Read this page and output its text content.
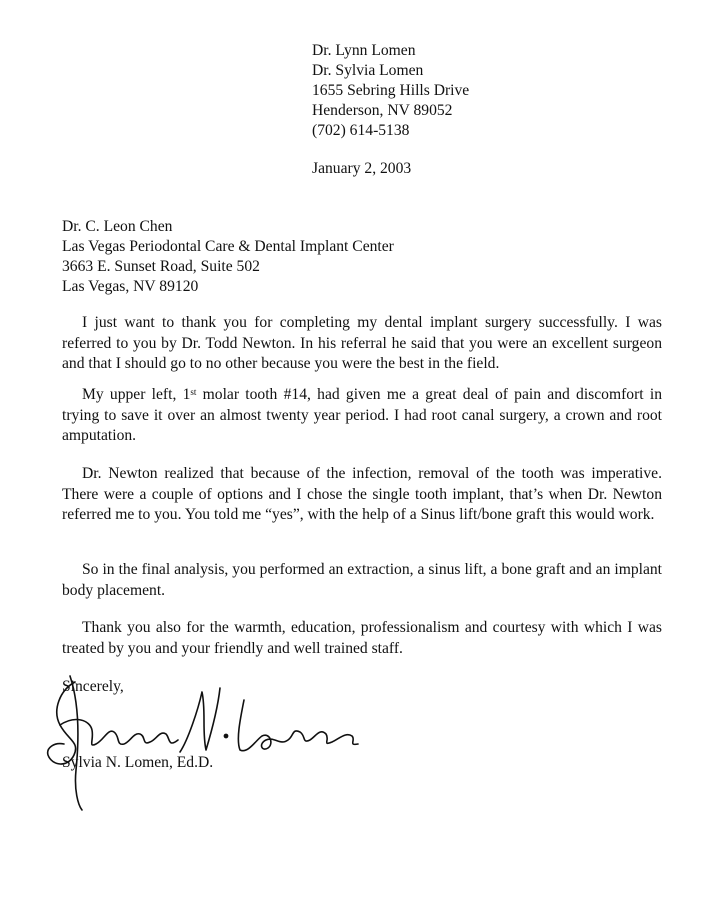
Dr. Lynn Lomen
Dr. Sylvia Lomen
1655 Sebring Hills Drive
Henderson, NV 89052
(702) 614-5138
January 2, 2003
Dr. C. Leon Chen
Las Vegas Periodontal Care & Dental Implant Center
3663 E. Sunset Road, Suite 502
Las Vegas, NV 89120

I just want to thank you for completing my dental implant surgery successfully. I was referred to you by Dr. Todd Newton. In his referral he said that you were an excellent surgeon and that I should go to no other because you were the best in the field.

My upper left, 1st molar tooth #14, had given me a great deal of pain and discomfort in trying to save it over an almost twenty year period. I had root canal surgery, a crown and root amputation.

Dr. Newton realized that because of the infection, removal of the tooth was imperative. There were a couple of options and I chose the single tooth implant, that’s when Dr. Newton referred me to you. You told me “yes”, with the help of a Sinus lift/bone graft this would work.

So in the final analysis, you performed an extraction, a sinus lift, a bone graft and an implant body placement.

Thank you also for the warmth, education, professionalism and courtesy with which I was treated by you and your friendly and well trained staff.

Sincerely,
Sylvia N. Lomen, Ed.D.
